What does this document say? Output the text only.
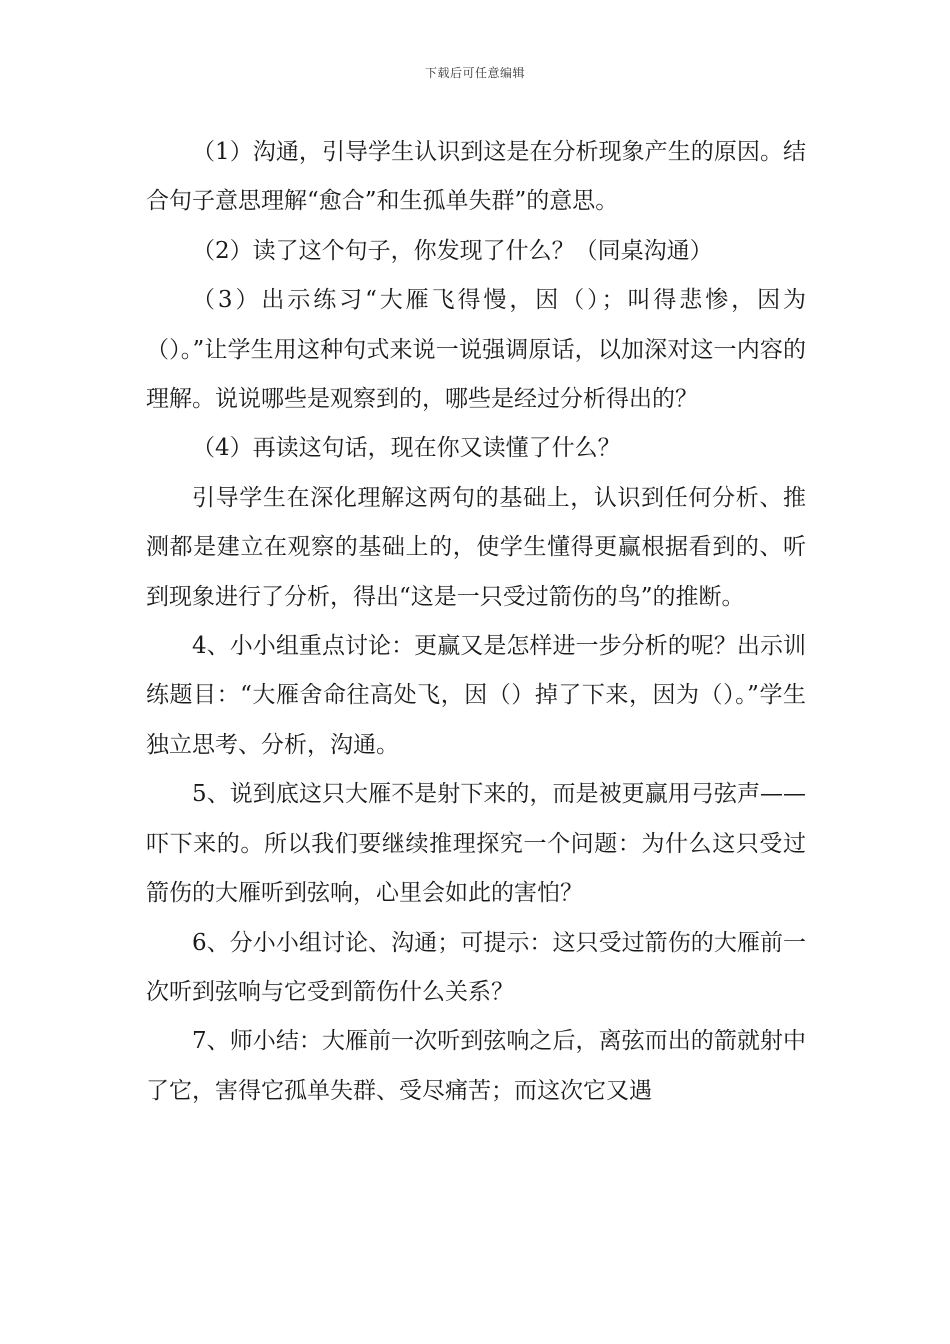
下载后可任意编辑

（1）沟通，引导学生认识到这是在分析现象产生的原因。结合句子意思理解“愈合”和生孤单失群”的意思。

（2）读了这个句子，你发现了什么？（同桌沟通）

（3）出示练习“大雁飞得慢，因（）；叫得悲惨，因为（）。”让学生用这种句式来说一说强调原话，以加深对这一内容的理解。说说哪些是观察到的，哪些是经过分析得出的？

（4）再读这句话，现在你又读懂了什么？

引导学生在深化理解这两句的基础上，认识到任何分析、推测都是建立在观察的基础上的，使学生懂得更赢根据看到的、听到现象进行了分析，得出“这是一只受过箭伤的鸟”的推断。

4、小小组重点讨论：更赢又是怎样进一步分析的呢？出示训练题目：“大雁舍命往高处飞，因（）掉了下来，因为（）。”学生独立思考、分析，沟通。

5、说到底这只大雁不是射下来的，而是被更赢用弓弦声——吓下来的。所以我们要继续推理探究一个问题：为什么这只受过箭伤的大雁听到弦响，心里会如此的害怕？

6、分小小组讨论、沟通；可提示：这只受过箭伤的大雁前一次听到弦响与它受到箭伤什么关系？

7、师小结：大雁前一次听到弦响之后，离弦而出的箭就射中了它，害得它孤单失群、受尽痛苦；而这次它又遇
